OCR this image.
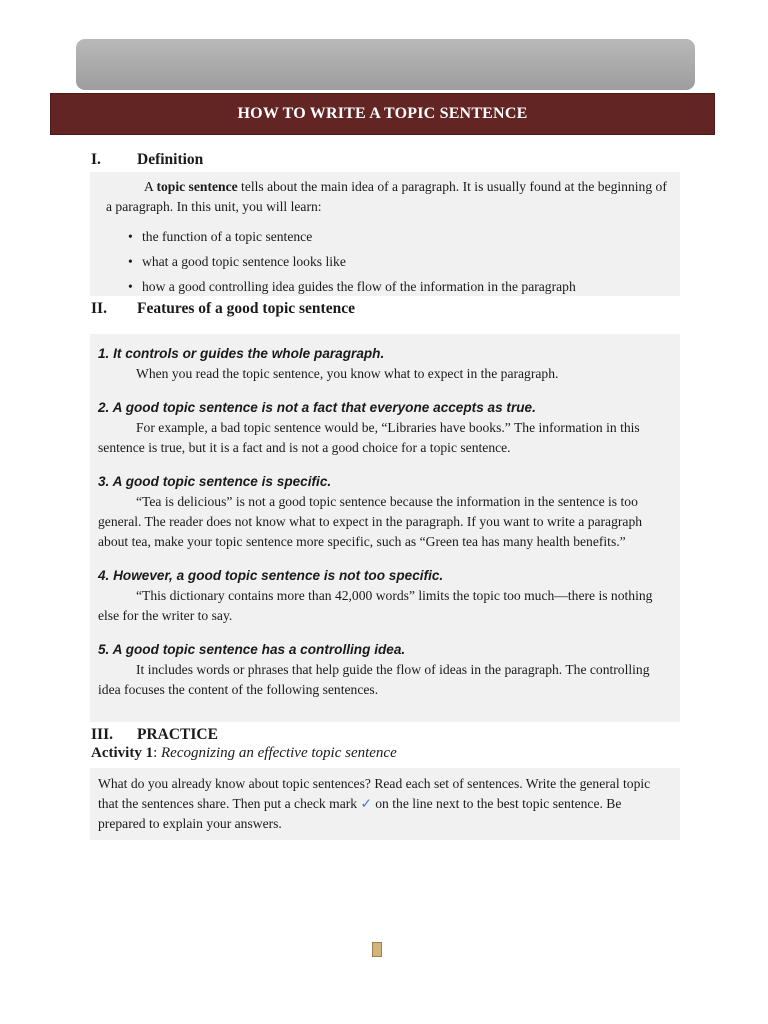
HOW TO WRITE A TOPIC SENTENCE
I. Definition

A topic sentence tells about the main idea of a paragraph. It is usually found at the beginning of a paragraph. In this unit, you will learn:

• the function of a topic sentence
• what a good topic sentence looks like
• how a good controlling idea guides the flow of the information in the paragraph
II. Features of a good topic sentence

1. It controls or guides the whole paragraph.

When you read the topic sentence, you know what to expect in the paragraph.

2. A good topic sentence is not a fact that everyone accepts as true.

For example, a bad topic sentence would be, “Libraries have books.” The information in this sentence is true, but it is a fact and is not a good choice for a topic sentence.

3. A good topic sentence is specific.

“Tea is delicious” is not a good topic sentence because the information in the sentence is too general. The reader does not know what to expect in the paragraph. If you want to write a paragraph about tea, make your topic sentence more specific, such as “Green tea has many health benefits.”

4. However, a good topic sentence is not too specific.

“This dictionary contains more than 42,000 words” limits the topic too much—there is nothing else for the writer to say.

5. A good topic sentence has a controlling idea.

It includes words or phrases that help guide the flow of ideas in the paragraph. The controlling idea focuses the content of the following sentences.

III. PRACTICE
Activity 1: Recognizing an effective topic sentence

What do you already know about topic sentences? Read each set of sentences. Write the general topic that the sentences share. Then put a check mark ✓ on the line next to the best topic sentence. Be prepared to explain your answers.
